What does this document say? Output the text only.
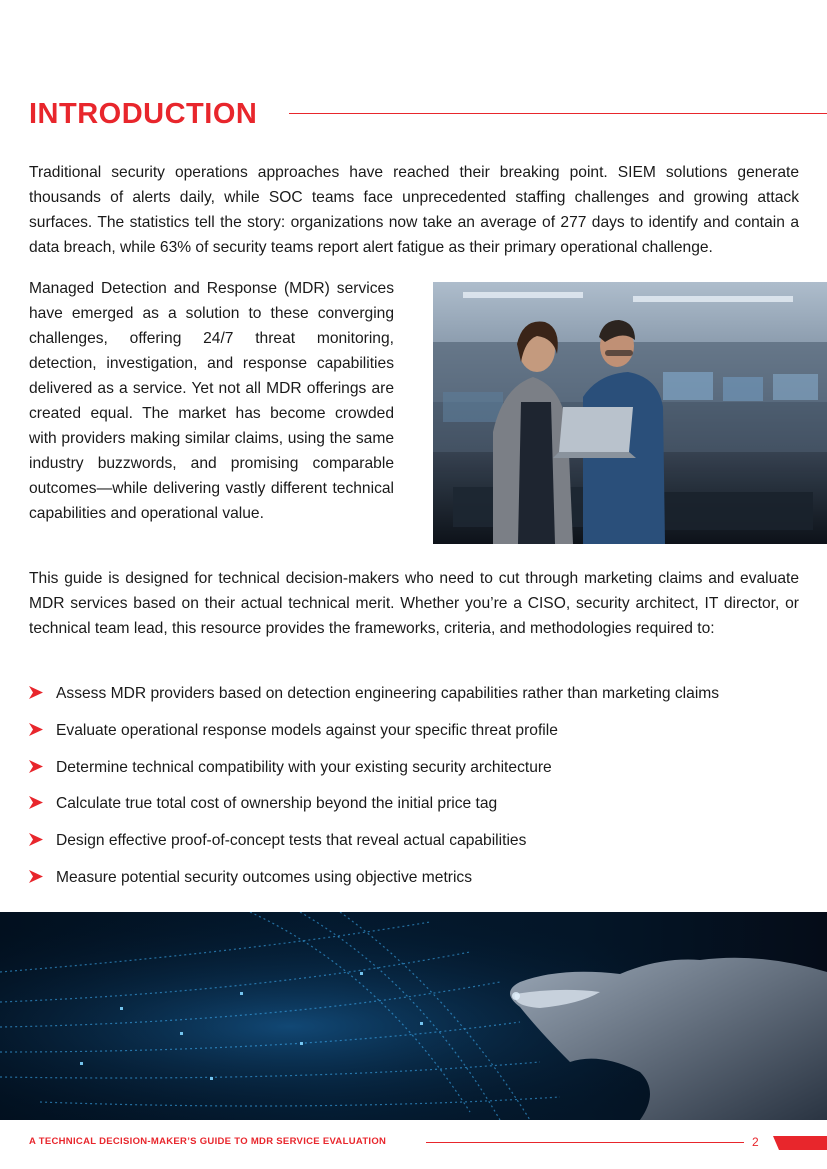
INTRODUCTION

Traditional security operations approaches have reached their breaking point. SIEM solutions generate thousands of alerts daily, while SOC teams face unprecedented staffing challenges and growing attack surfaces. The statistics tell the story: organizations now take an average of 277 days to identify and contain a data breach, while 63% of security teams report alert fatigue as their primary operational challenge.

Managed Detection and Response (MDR) services have emerged as a solution to these converging challenges, offering 24/7 threat monitoring, detection, investigation, and response capabilities delivered as a service. Yet not all MDR offerings are created equal. The market has become crowded with providers making similar claims, using the same industry buzzwords, and promising comparable outcomes—while delivering vastly different technical capabilities and operational value.

This guide is designed for technical decision-makers who need to cut through marketing claims and evaluate MDR services based on their actual technical merit. Whether you’re a CISO, security architect, IT director, or technical team lead, this resource provides the frameworks, criteria, and methodologies required to:

Assess MDR providers based on detection engineering capabilities rather than marketing claims
Evaluate operational response models against your specific threat profile
Determine technical compatibility with your existing security architecture
Calculate true total cost of ownership beyond the initial price tag
Design effective proof-of-concept tests that reveal actual capabilities
Measure potential security outcomes using objective metrics
A TECHNICAL DECISION-MAKER’S GUIDE TO MDR SERVICE EVALUATION	2
